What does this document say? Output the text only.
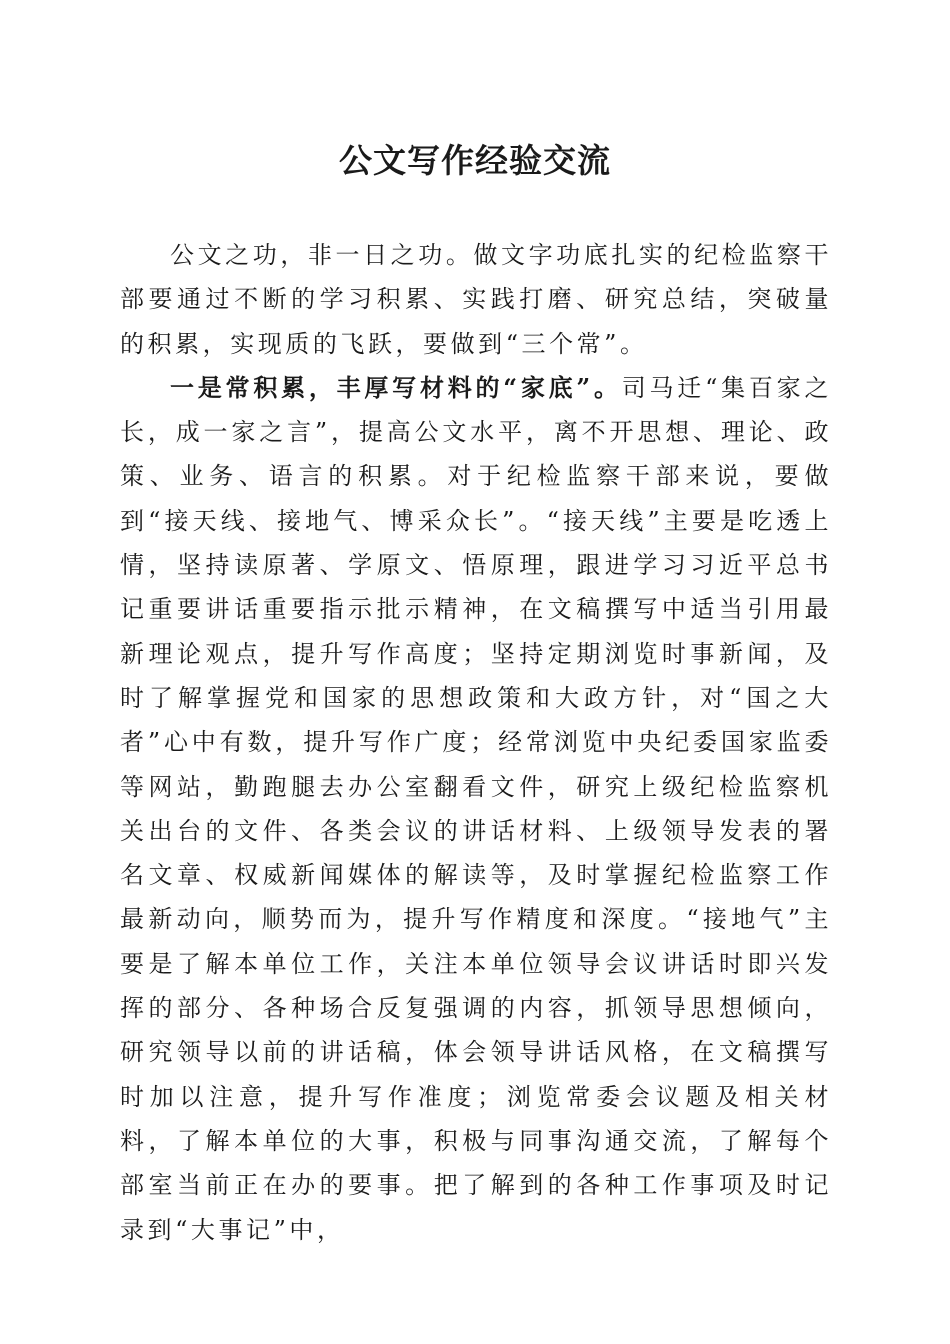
公文写作经验交流

公文之功，非一日之功。做文字功底扎实的纪检监察干部要通过不断的学习积累、实践打磨、研究总结，突破量的积累，实现质的飞跃，要做到“三个常”。

一是常积累，丰厚写材料的“家底”。司马迁“集百家之长，成一家之言”，提高公文水平，离不开思想、理论、政策、业务、语言的积累。对于纪检监察干部来说，要做到“接天线、接地气、博采众长”。“接天线”主要是吃透上情，坚持读原著、学原文、悟原理，跟进学习习近平总书记重要讲话重要指示批示精神，在文稿撰写中适当引用最新理论观点，提升写作高度；坚持定期浏览时事新闻，及时了解掌握党和国家的思想政策和大政方针，对“国之大者”心中有数，提升写作广度；经常浏览中央纪委国家监委等网站，勤跑腿去办公室翻看文件，研究上级纪检监察机关出台的文件、各类会议的讲话材料、上级领导发表的署名文章、权威新闻媒体的解读等，及时掌握纪检监察工作最新动向，顺势而为，提升写作精度和深度。“接地气”主要是了解本单位工作，关注本单位领导会议讲话时即兴发挥的部分、各种场合反复强调的内容，抓领导思想倾向，研究领导以前的讲话稿，体会领导讲话风格，在文稿撰写时加以注意，提升写作准度；浏览常委会议题及相关材料，了解本单位的大事，积极与同事沟通交流，了解每个部室当前正在办的要事。把了解到的各种工作事项及时记录到“大事记”中，
